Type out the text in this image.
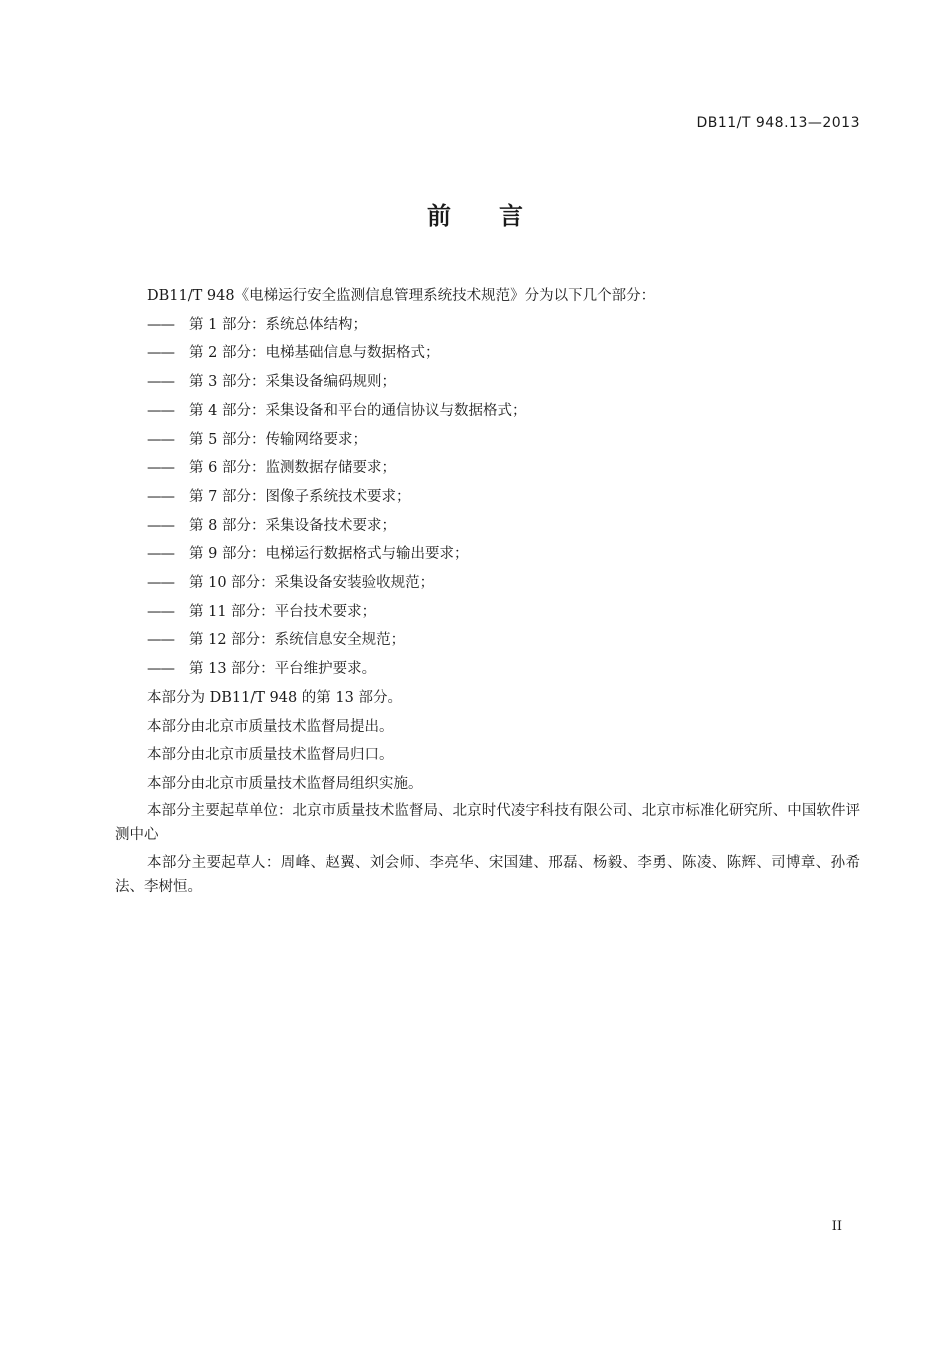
DB11/T 948.13—2013
前 言

DB11/T 948《电梯运行安全监测信息管理系统技术规范》分为以下几个部分：

—— 第 1 部分：系统总体结构；

—— 第 2 部分：电梯基础信息与数据格式；

—— 第 3 部分：采集设备编码规则；

—— 第 4 部分：采集设备和平台的通信协议与数据格式；

—— 第 5 部分：传输网络要求；

—— 第 6 部分：监测数据存储要求；

—— 第 7 部分：图像子系统技术要求；

—— 第 8 部分：采集设备技术要求；

—— 第 9 部分：电梯运行数据格式与输出要求；

—— 第 10 部分：采集设备安装验收规范；

—— 第 11 部分：平台技术要求；

—— 第 12 部分：系统信息安全规范；

—— 第 13 部分：平台维护要求。

本部分为 DB11/T 948 的第 13 部分。

本部分由北京市质量技术监督局提出。

本部分由北京市质量技术监督局归口。

本部分由北京市质量技术监督局组织实施。

本部分主要起草单位：北京市质量技术监督局、北京时代凌宇科技有限公司、北京市标准化研究所、中国软件评测中心

本部分主要起草人：周峰、赵翼、刘会师、李亮华、宋国建、邢磊、杨毅、李勇、陈凌、陈辉、司博章、孙希法、李树恒。

II
